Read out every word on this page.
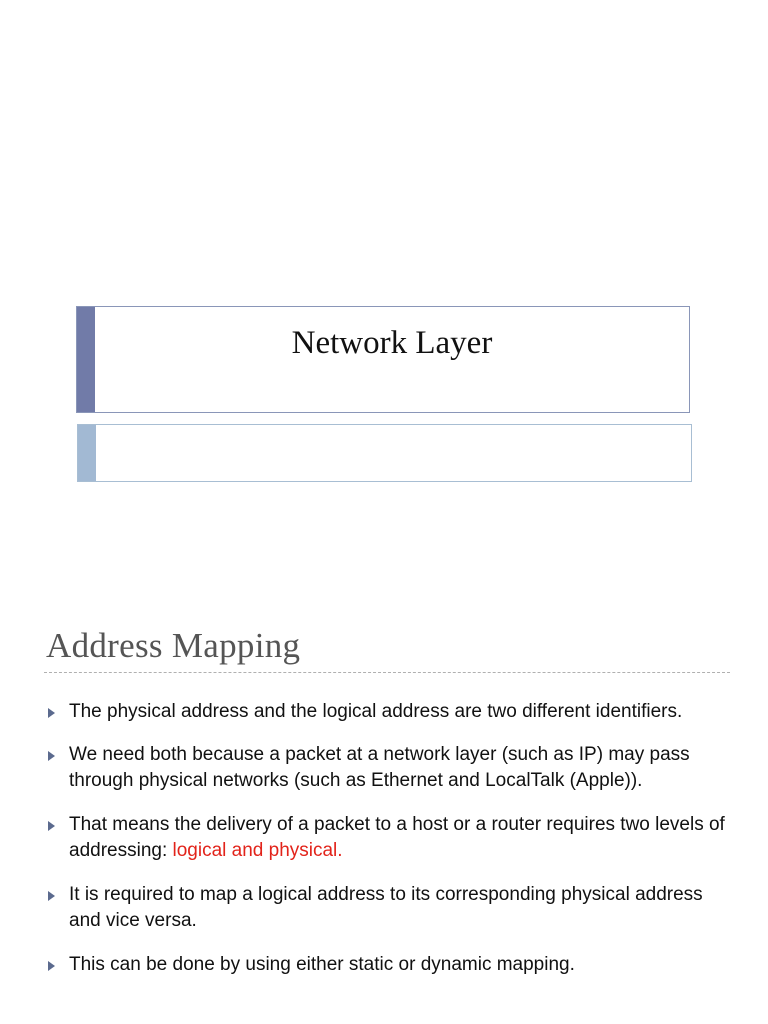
Network Layer
Address Mapping
The physical address and the logical address are two different identifiers.
We need both because a packet at a network layer (such as IP) may pass through physical networks (such as Ethernet and LocalTalk (Apple)).
That means the delivery of a packet to a host or a router requires two levels of addressing: logical and physical.
It is required to map a logical address to its corresponding physical address and vice versa.
This can be done by using either static or dynamic mapping.
